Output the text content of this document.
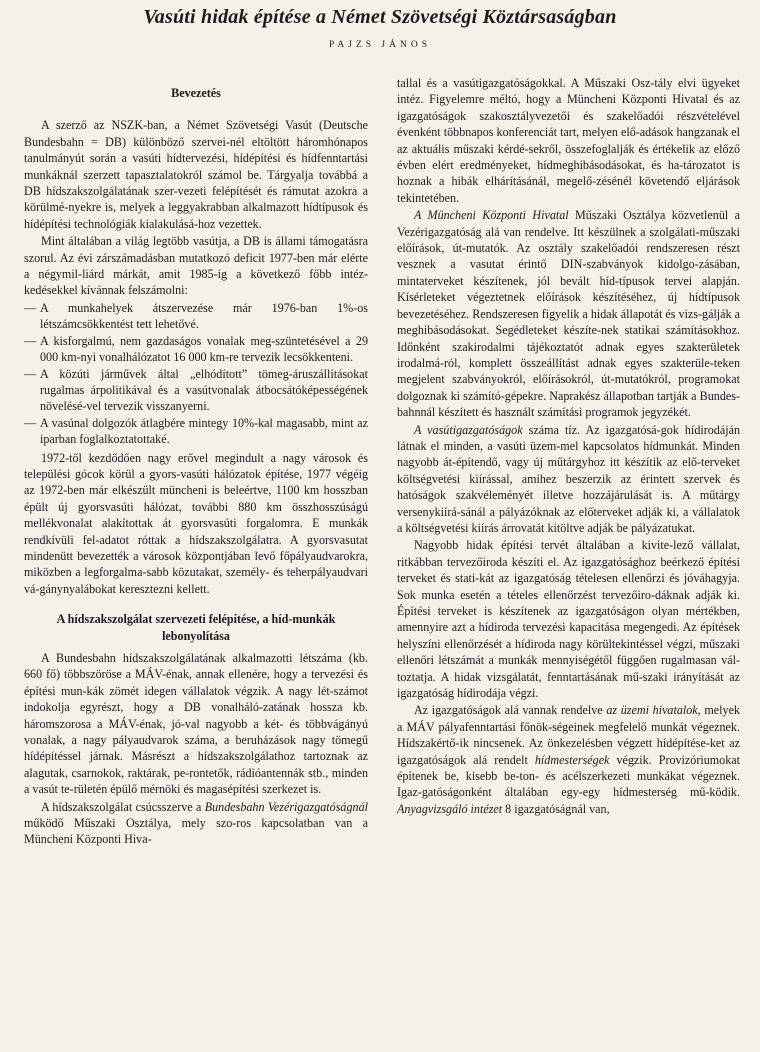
Vasúti hidak építése a Német Szövetségi Köztársaságban
PAJZS JÁNOS
Bevezetés

A szerző az NSZK-ban, a Német Szövetségi Vasút (Deutsche Bundesbahn = DB) különböző szervei-nél eltöltött háromhónapos tanulmányút során a vasúti hídtervezési, hídépítési és hídfenntartási munkáknál szerzett tapasztalatokról számol be. Tárgyalja továbbá a DB hídszakszolgálatának szer-vezeti felépítését és rámutat azokra a körülmé-nyekre is, melyek a leggyakrabban alkalmazott hídtípusok és hídépítési technológiák kialakulásá-hoz vezettek.

Mint általában a világ legtöbb vasútja, a DB is állami támogatásra szorul. Az évi zárszámadásban mutatkozó deficit 1977-ben már elérte a négymil-liárd márkát, amit 1985-ig a következő főbb intéz-kedésekkel kívánnak felszámolni:

— A munkahelyek átszervezése már 1976-ban 1%-os létszámcsökkentést tett lehetővé.
— A kisforgalmú, nem gazdaságos vonalak meg-szüntetésével a 29 000 km-nyi vonalhálózatot 16 000 km-re tervezik lecsökkenteni.
— A közúti járművek által „elhódított” tömeg-áruszállításokat rugalmas árpolitikával és a vasútvonalak átbocsátóképességének növelésé-vel tervezik visszanyerni.
— A vasúnal dolgozók átlagbére mintegy 10%-kal magasabb, mint az iparban foglalkoztatottaké.

1972-től kezdődően nagy erővel megindult a nagy városok és települési gócok körül a gyors-vasúti hálózatok építése, 1977 végéig az 1972-ben már elkészült müncheni is beleértve, 1100 km hosszban épült új gyorsvasúti hálózat, további 880 km összhosszúságú mellékvonalat alakítottak át gyorsvasúti forgalomra. E munkák rendkívüli fel-adatot róttak a hídszakszolgálatra. A gyorsvasutat mindenütt bevezették a városok központjában levő főpályaudvarokra, miközben a legforgalma-sabb közutakat, személy- és teherpályaudvari vá-gánynyalábokat keresztezni kellett.

A hídszakszolgálat szervezeti felépítése, a híd-munkák lebonyolítása

A Bundesbahn hídszakszolgálatának alkalmazotti létszáma (kb. 660 fő) többszöröse a MÁV-énak, annak ellenére, hogy a tervezési és építési mun-kák zömét idegen vállalatok végzik. A nagy lét-számot indokolja egyrészt, hogy a DB vonalháló-zatának hossza kb. háromszorosa a MÁV-énak, jó-val nagyobb a két- és többvágányú vonalak, a nagy pályaudvarok száma, a beruházások nagy tömegű hídépítéssel járnak. Másrészt a hídszakszolgálathoz tartoznak az alagutak, csarnokok, raktárak, pe-rontetők, rádióantennák stb., minden a vasút te-rületén épülő mérnöki és magasépítési szerkezet is.

A hídszakszolgálat csúcsszerve a Bundesbahn Vezérigazgatóságnál működő Műszaki Osztálya, mely szo-ros kapcsolatban van a Müncheni Központi Hiva-

tallal és a vasútigazgatóságokkal. A Műszaki Osz-tály elvi ügyeket intéz. Figyelemre méltó, hogy a Müncheni Központi Hivatal és az igazgatóságok szakosztályvezetői és szakelőadói részvételével évenként többnapos konferenciát tart, melyen elő-adások hangzanak el az aktuális műszaki kérdé-sekről, összefoglalják és értékelik az előző évben elért eredményeket, hídmeghibásodásokat, és ha-tározatot is hoznak a hibák elhárításánál, megelő-zésénél követendő eljárások tekintetében.

A Müncheni Központi Hivatal Műszaki Osztálya közvetlenül a Vezérigazgatóság alá van rendelve. Itt készülnek a szolgálati-műszaki előírások, út-mutatók. Az osztály szakelőadói rendszeresen részt vesznek a vasutat érintő DIN-szabványok kidolgo-zásában, mintaterveket készítenek, jól bevált híd-típusok tervei alapján. Kísérleteket végeztetnek előírások készítéséhez, új hídtípusok bevezetéséhez. Rendszeresen figyelik a hidak állapotát és vizs-gálják a meghibásodásokat. Segédleteket készíte-nek statikai számításokhoz. Időnként szakirodalmi tájékoztatót adnak egyes szakterületek irodalmá-ról, komplett összeállítást adnak egyes szakterüle-teken megjelent szabványokról, előírásokról, út-mutatókról, programokat dolgoznak ki számító-gépekre. Naprakész állapotban tartják a Bundes-bahnnál készített és használt számítási programok jegyzékét.

A vasútigazgatóságok száma tíz. Az igazgatósá-gok hídirodáján látnak el minden, a vasúti üzem-mel kapcsolatos hídmunkát. Minden nagyobb át-építendő, vagy új műtárgyhoz itt készítik az elő-terveket költségvetési kiírással, amihez beszerzik az érintett szervek és hatóságok szakvéleményét illetve hozzájárulását is. A műtárgy versenykiírá-sánál a pályázóknak az előterveket adják ki, a vállalatok a költségvetési kiírás árrovatát kitöltve adják be pályázatukat.

Nagyobb hidak építési tervét általában a kivite-lező vállalat, ritkábban tervezőiroda készíti el. Az igazgatósághoz beérkező építési terveket és stati-kát az igazgatóság tételesen ellenőrzi és jóváhagyja. Sok munka esetén a tételes ellenőrzést tervezőiro-dáknak adják ki. Építési terveket is készítenek az igazgatóságon olyan mértékben, amennyire azt a hídiroda tervezési kapacitása megengedi. Az építések helyszíni ellenőrzését a hídiroda nagy körültekintéssel végzi, műszaki ellenőri létszámát a munkák mennyiségétől függően rugalmasan vál-toztatja. A hidak vizsgálatát, fenntartásának mű-szaki irányítását az igazgatóság hídirodája végzi.

Az igazgatóságok alá vannak rendelve az üzemi hivatalok, melyek a MÁV pályafenntartási főnök-ségeinek megfelelő munkát végeznek. Hídszakértő-ik nincsenek. Az önkezelésben végzett hídépítése-ket az igazgatóságok alá rendelt hídmesterségek végzik. Provizóriumokat építenek be, kisebb be-ton- és acélszerkezeti munkákat végeznek. Igaz-gatóságonként általában egy-egy hídmesterség mű-ködik. Anyagvizsgáló intézet 8 igazgatóságnál van,
